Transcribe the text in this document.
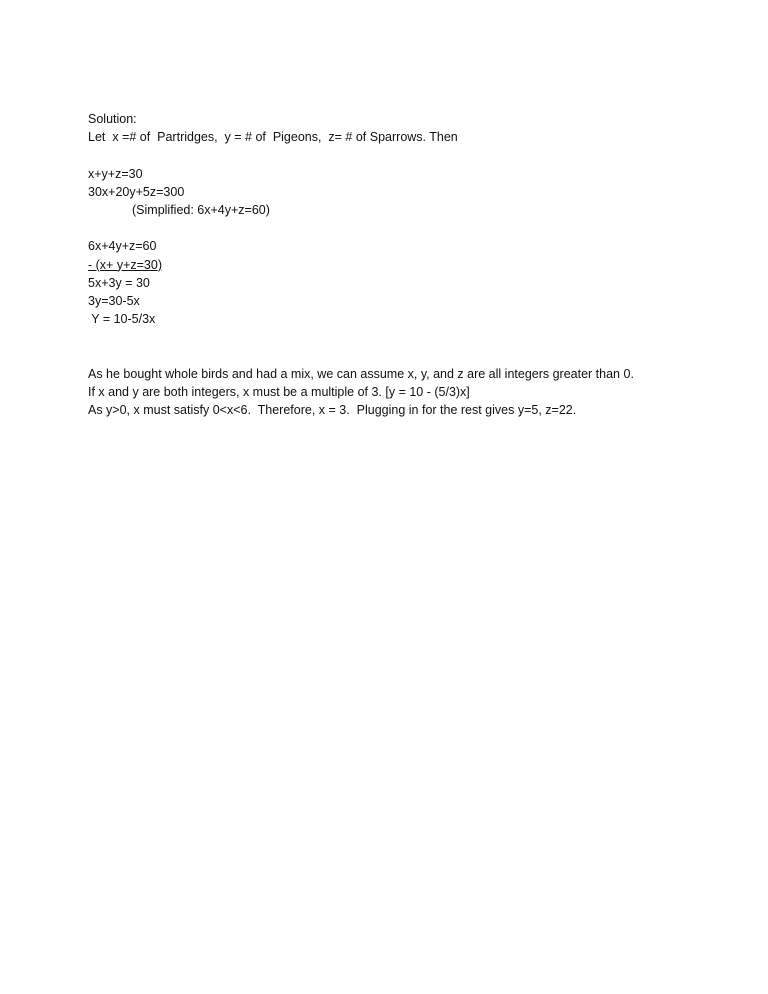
Solution:
Let  x =# of  Partridges,  y = # of  Pigeons,  z= # of Sparrows. Then
x+y+z=30
30x+20y+5z=300
(Simplified: 6x+4y+z=60)
6x+4y+z=60
- (x+ y+z=30)
5x+3y = 30
3y=30-5x
Y = 10-5/3x
As he bought whole birds and had a mix, we can assume x, y, and z are all integers greater than 0.
If x and y are both integers, x must be a multiple of 3. [y = 10 - (5/3)x]
As y>0, x must satisfy 0<x<6.  Therefore, x = 3.  Plugging in for the rest gives y=5, z=22.
